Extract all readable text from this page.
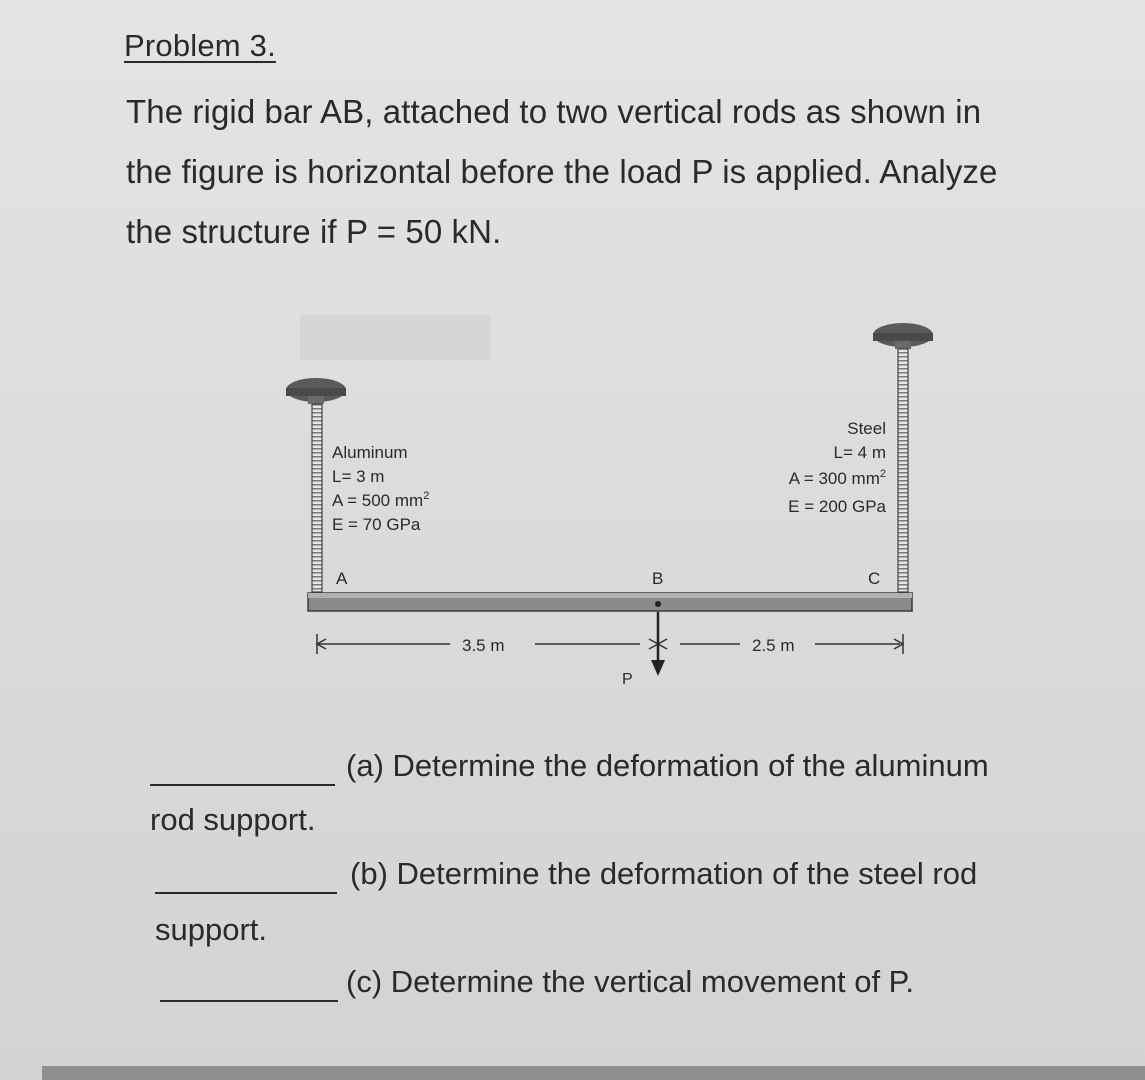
Problem 3.
The rigid bar AB, attached to two vertical rods as shown in
the figure is horizontal before the load P is applied. Analyze
the structure if P = 50 kN.
Aluminum
L= 3 m
A = 500 $mm^2$
E = 70 GPa
Steel
L= 4 m
A = 300 $mm^2$
E = 200 GPa
A	B	C
3.5 m	2.5 m
P
(a) Determine the deformation of the aluminum
rod support.
(b) Determine the deformation of the steel rod
support.
(c) Determine the vertical movement of P.
